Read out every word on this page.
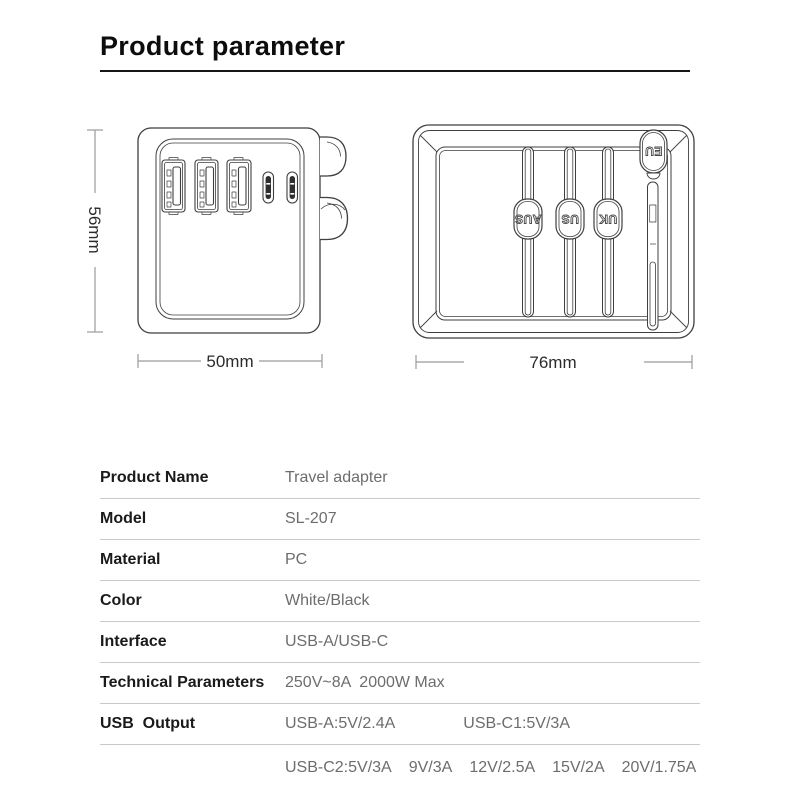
Product parameter
56mm
50mm
AUS US UK
EU
76mm
Product Name	Travel adapter
Model	SL-207
Material	PC
Color	White/Black
Interface	USB-A/USB-C
Technical Parameters	250V~8A  2000W Max
USB  Output	USB-A:5V/2.4A	USB-C1:5V/3A
USB-C2:5V/3A 9V/3A 12V/2.5A 15V/2A 20V/1.75A
